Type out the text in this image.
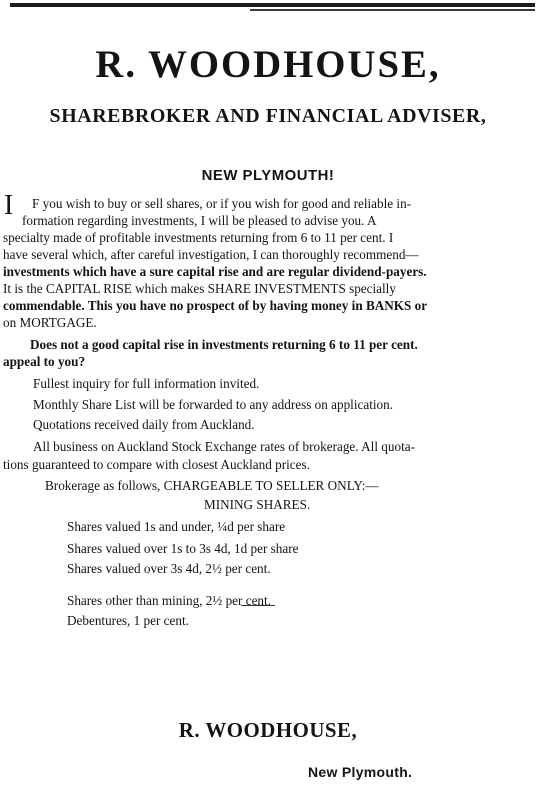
R. WOODHOUSE,

SHAREBROKER AND FINANCIAL ADVISER,

NEW PLYMOUTH!

I F you wish to buy or sell shares, or if you wish for good and reliable in-

formation regarding investments, I will be pleased to advise you. A

specialty made of profitable investments returning from 6 to 11 per cent. I

have several which, after careful investigation, I can thoroughly recommend—

investments which have a sure capital rise and are regular dividend-payers.

It is the CAPITAL RISE which makes SHARE INVESTMENTS specially

commendable. This you have no prospect of by having money in BANKS or

on MORTGAGE.

Does not a good capital rise in investments returning 6 to 11 per cent.

appeal to you?

Fullest inquiry for full information invited.

Monthly Share List will be forwarded to any address on application.

Quotations received daily from Auckland.

All business on Auckland Stock Exchange rates of brokerage. All quota-

tions guaranteed to compare with closest Auckland prices.

Brokerage as follows, CHARGEABLE TO SELLER ONLY:—

MINING SHARES.

Shares valued 1s and under, ¼d per share

Shares valued over 1s to 3s 4d, 1d per share

Shares valued over 3s 4d, 2½ per cent.

Shares other than mining, 2½ per cent.

Debentures, 1 per cent.

R. WOODHOUSE,

New Plymouth.
